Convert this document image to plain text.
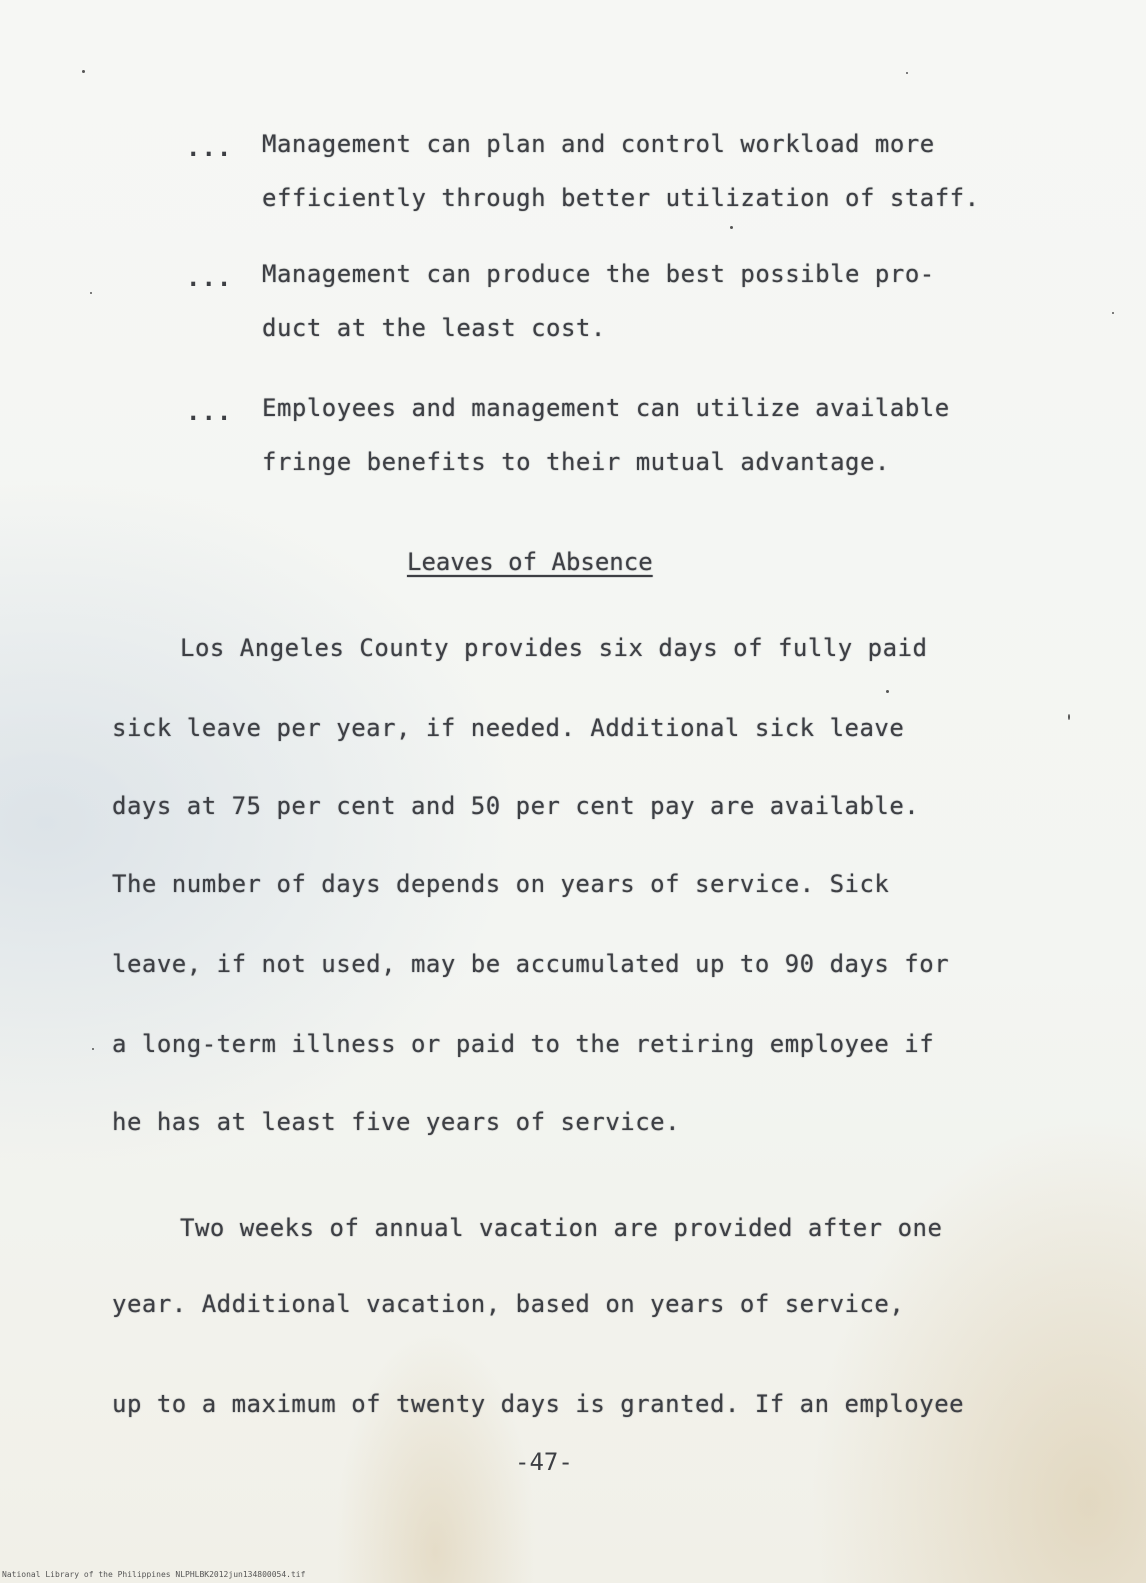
... Management can plan and control workload more

efficiently through better utilization of staff.

... Management can produce the best possible pro-

duct at the least cost.

... Employees and management can utilize available

fringe benefits to their mutual advantage.

Leaves of Absence

Los Angeles County provides six days of fully paid

sick leave per year, if needed. Additional sick leave

days at 75 per cent and 50 per cent pay are available.

The number of days depends on years of service. Sick

leave, if not used, may be accumulated up to 90 days for

a long-term illness or paid to the retiring employee if

he has at least five years of service.

Two weeks of annual vacation are provided after one

year. Additional vacation, based on years of service,

up to a maximum of twenty days is granted. If an employee

-47-
National Library of the Philippines NLPHLBK2012jun134800054.tif
